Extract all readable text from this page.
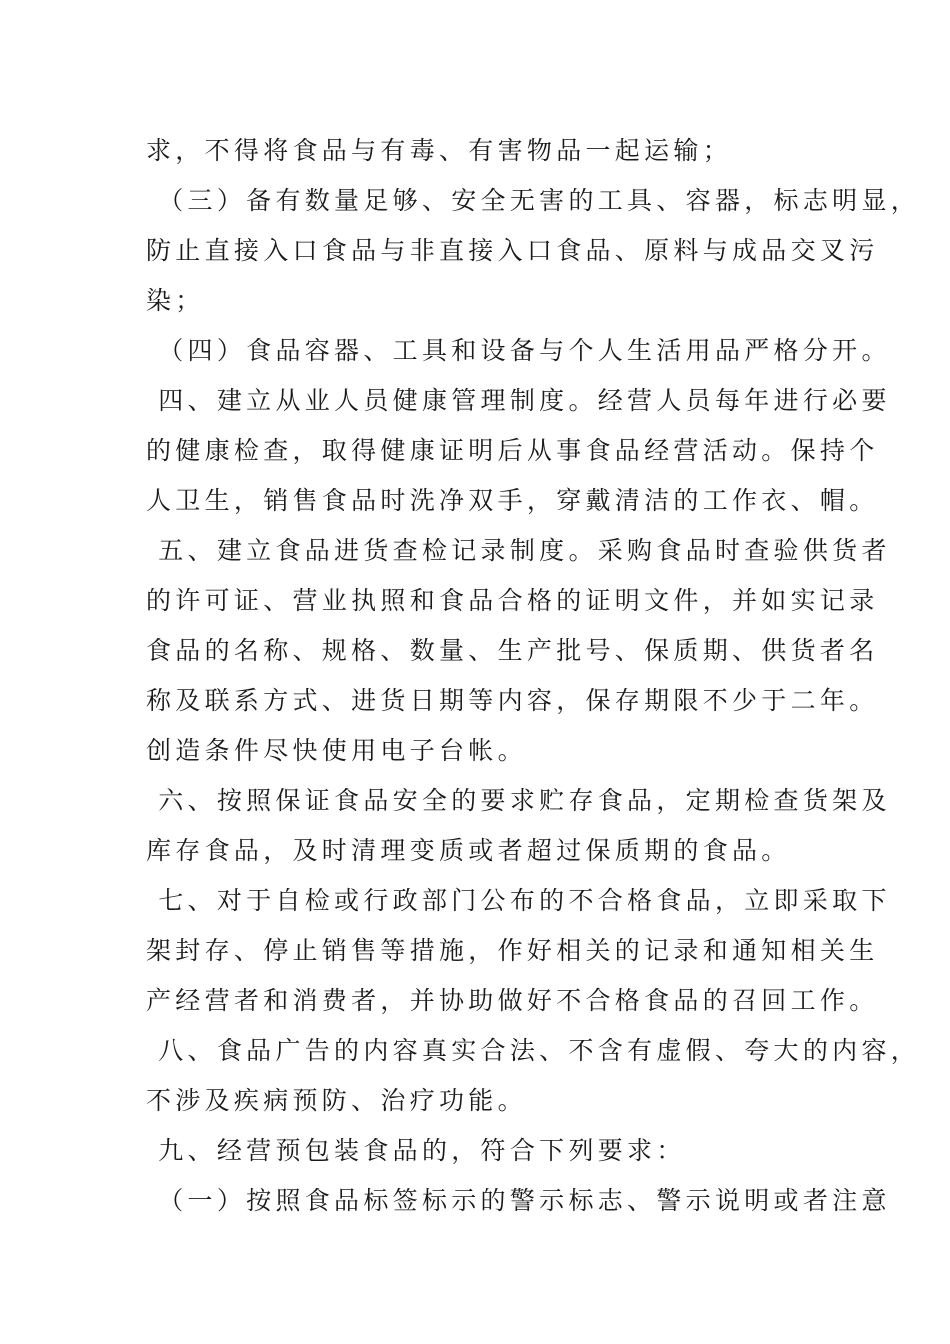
求，不得将食品与有毒、有害物品一起运输；
（三）备有数量足够、安全无害的工具、容器，标志明显，
防止直接入口食品与非直接入口食品、原料与成品交叉污
染；
（四）食品容器、工具和设备与个人生活用品严格分开。
四、建立从业人员健康管理制度。经营人员每年进行必要
的健康检查，取得健康证明后从事食品经营活动。保持个
人卫生，销售食品时洗净双手，穿戴清洁的工作衣、帽。
五、建立食品进货查检记录制度。采购食品时查验供货者
的许可证、营业执照和食品合格的证明文件，并如实记录
食品的名称、规格、数量、生产批号、保质期、供货者名
称及联系方式、进货日期等内容，保存期限不少于二年。
创造条件尽快使用电子台帐。
六、按照保证食品安全的要求贮存食品，定期检查货架及
库存食品，及时清理变质或者超过保质期的食品。
七、对于自检或行政部门公布的不合格食品，立即采取下
架封存、停止销售等措施，作好相关的记录和通知相关生
产经营者和消费者，并协助做好不合格食品的召回工作。
八、食品广告的内容真实合法、不含有虚假、夸大的内容，
不涉及疾病预防、治疗功能。
九、经营预包装食品的，符合下列要求：
（一）按照食品标签标示的警示标志、警示说明或者注意
